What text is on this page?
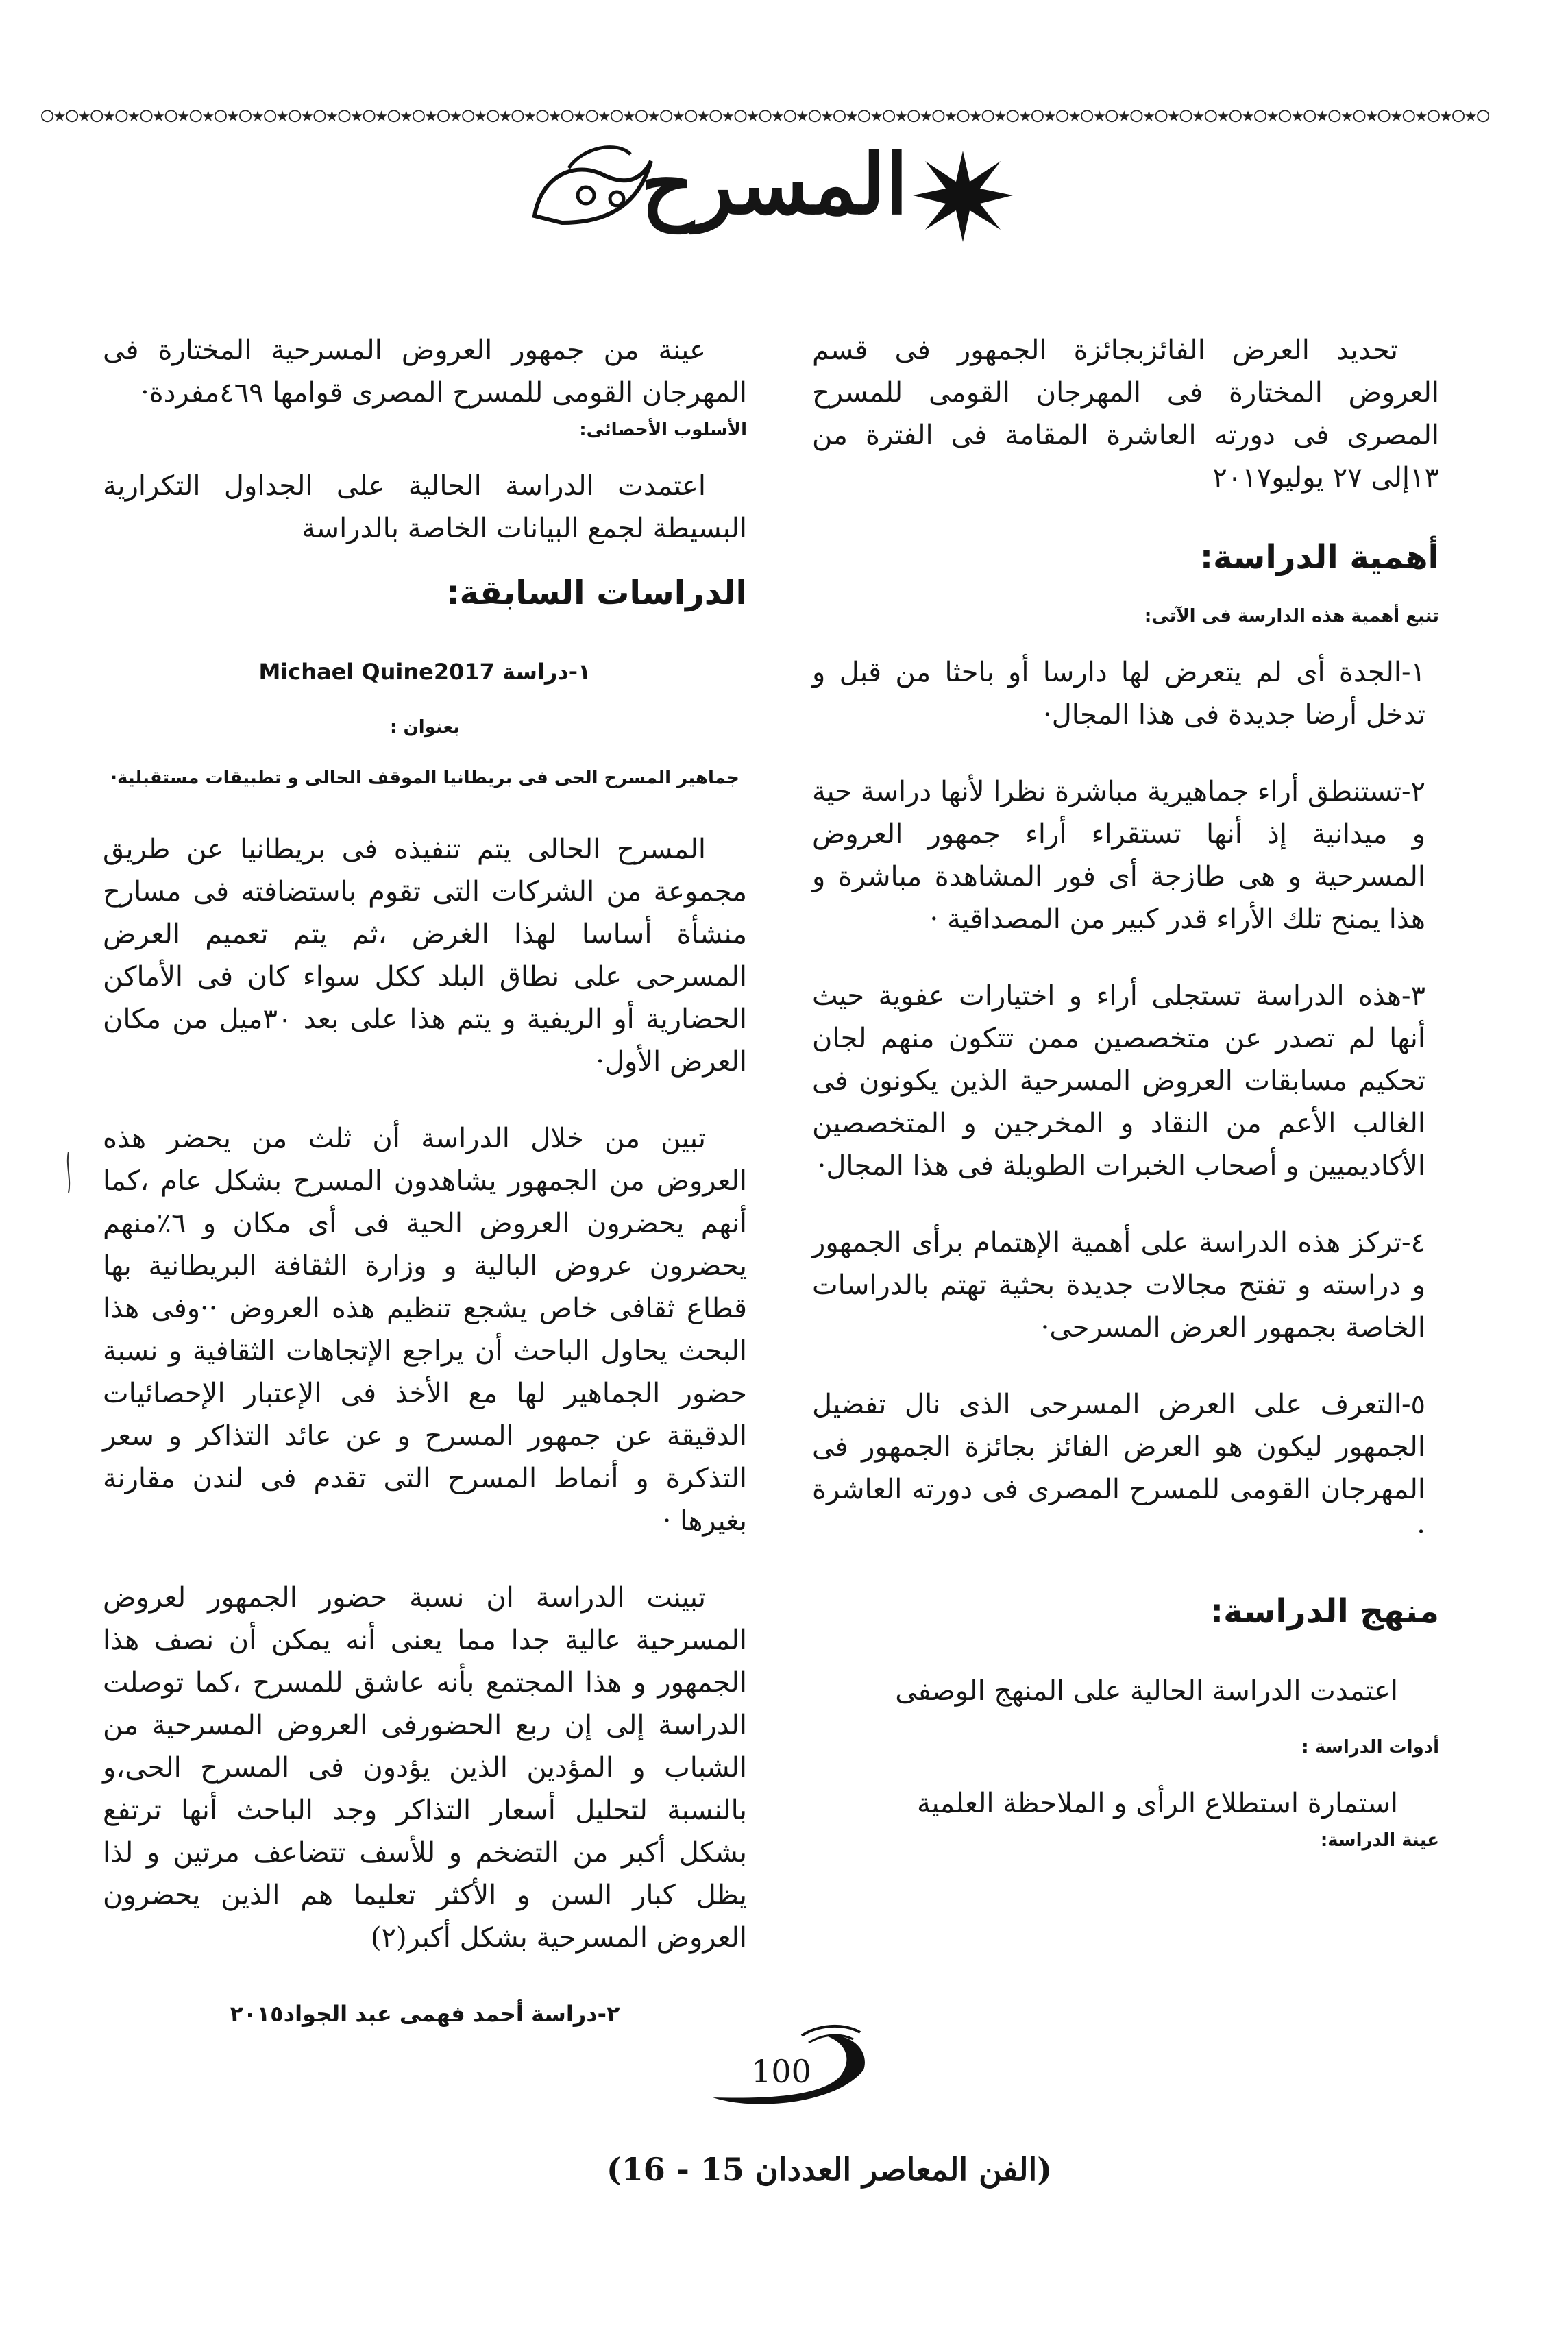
○★○★○★○★○★○★○★○★○★○★○★○★○★○★○★○★○★○★○★○★○★○★○★○★○★○★○★○★○★○★○★○★○★○★○★○★○★○★○★○★○★○★○★○★○★○★○★○★○★○★○★○★○★○★○★○★○★○★○
المسرح

تحديد العرض الفائزبجائزة الجمهور فى قسم العروض المختارة فى المهرجان القومى للمسرح المصرى فى دورته العاشرة المقامة فى الفترة من ١٣إلى ٢٧ يوليو٢٠١٧

أهمية الدراسة:

تنبع أهمية هذه الدارسة فى الآتى:

١-الجدة أى لم يتعرض لها دارسا أو باحثا من قبل و تدخل أرضا جديدة فى هذا المجال·

٢-تستنطق أراء جماهيرية مباشرة نظرا لأنها دراسة حية و ميدانية إذ أنها تستقراء أراء جمهور العروض المسرحية و هى طازجة أى فور المشاهدة مباشرة و هذا يمنح تلك الأراء قدر كبير من المصداقية ·

٣-هذه الدراسة تستجلى أراء و اختيارات عفوية حيث أنها لم تصدر عن متخصصين ممن تتكون منهم لجان تحكيم مسابقات العروض المسرحية الذين يكونون فى الغالب الأعم من النقاد و المخرجين و المتخصصين الأكاديميين و أصحاب الخبرات الطويلة فى هذا المجال·

٤-تركز هذه الدراسة على أهمية الإهتمام برأى الجمهور و دراسته و تفتح مجالات جديدة بحثية تهتم بالدراسات الخاصة بجمهور العرض المسرحى·

٥-التعرف على العرض المسرحى الذى نال تفضيل الجمهور ليكون هو العرض الفائز بجائزة الجمهور فى المهرجان القومى للمسرح المصرى فى دورته العاشرة ·

منهج الدراسة:

اعتمدت الدراسة الحالية على المنهج الوصفى

أدوات الدراسة :

استمارة استطلاع الرأى و الملاحظة العلمية

عينة الدراسة:

عينة من جمهور العروض المسرحية المختارة فى المهرجان القومى للمسرح المصرى قوامها ٤٦٩مفردة·

الأسلوب الأحصائى:

اعتمدت الدراسة الحالية على الجداول التكرارية البسيطة لجمع البيانات الخاصة بالدراسة

الدراسات السابقة:

١-دراسة Michael Quine2017

بعنوان :

جماهير المسرح الحى فى بريطانيا الموقف الحالى و تطبيقات مستقبلية·

المسرح الحالى يتم تنفيذه فى بريطانيا عن طريق مجموعة من الشركات التى تقوم باستضافته فى مسارح منشأة أساسا لهذا الغرض ،ثم يتم تعميم العرض المسرحى على نطاق البلد ككل سواء كان فى الأماكن الحضارية أو الريفية و يتم هذا على بعد ٣٠ميل من مكان العرض الأول·

تبين من خلال الدراسة أن ثلث من يحضر هذه العروض من الجمهور يشاهدون المسرح بشكل عام ،كما أنهم يحضرون العروض الحية فى أى مكان و ٦٪منهم يحضرون عروض البالية و وزارة الثقافة البريطانية بها قطاع ثقافى خاص يشجع تنظيم هذه العروض ··وفى هذا البحث يحاول الباحث أن يراجع الإتجاهات الثقافية و نسبة حضور الجماهير لها مع الأخذ فى الإعتبار الإحصائيات الدقيقة عن جمهور المسرح و عن عائد التذاكر و سعر التذكرة و أنماط المسرح التى تقدم فى لندن مقارنة بغيرها ·

تبينت الدراسة ان نسبة حضور الجمهور لعروض المسرحية عالية جدا مما يعنى أنه يمكن أن نصف هذا الجمهور و هذا المجتمع بأنه عاشق للمسرح ،كما توصلت الدراسة إلى إن ربع الحضورفى العروض المسرحية من الشباب و المؤدين الذين يؤدون فى المسرح الحى،و بالنسبة لتحليل أسعار التذاكر وجد الباحث أنها ترتفع بشكل أكبر من التضخم و للأسف تتضاعف مرتين و لذا يظل كبار السن و الأكثر تعليما هم الذين يحضرون العروض المسرحية بشكل أكبر(٢)

٢-دراسة أحمد فهمى عبد الجواد٢٠١٥

100
(الفن المعاصر العددان 15 - 16)
